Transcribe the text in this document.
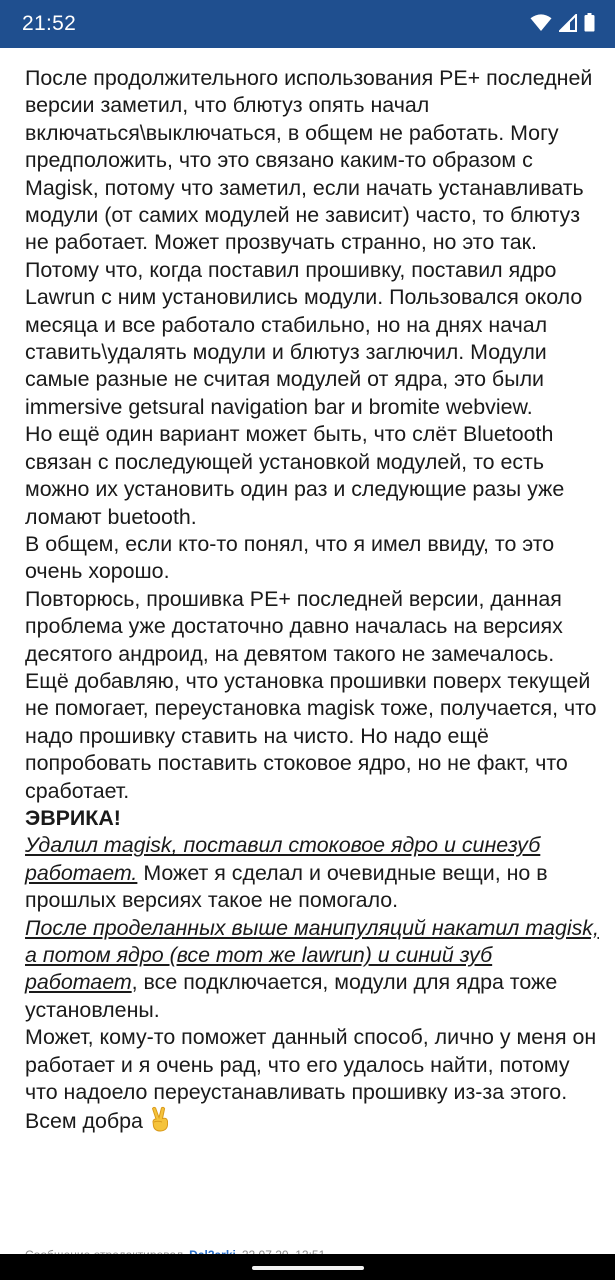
21:52

После продолжительного использования PE+ последней версии заметил, что блютуз опять начал включаться\выключаться, в общем не работать. Могу предположить, что это связано каким-то образом с Magisk, потому что заметил, если начать устанавливать модули (от самих модулей не зависит) часто, то блютуз не работает. Может прозвучать странно, но это так. Потому что, когда поставил прошивку, поставил ядро Lawrun с ним установились модули. Пользовался около месяца и все работало стабильно, но на днях начал ставить\удалять модули и блютуз заглючил. Модули самые разные не считая модулей от ядра, это были immersive getsural navigation bar и bromite webview.

Но ещё один вариант может быть, что слёт Bluetooth связан с последующей установкой модулей, то есть можно их установить один раз и следующие разы уже ломают buetooth.

В общем, если кто-то понял, что я имел ввиду, то это очень хорошо.

Повторюсь, прошивка PE+ последней версии, данная проблема уже достаточно давно началась на версиях десятого андроид, на девятом такого не замечалось.

Ещё добавляю, что установка прошивки поверх текущей не помогает, переустановка magisk тоже, получается, что надо прошивку ставить на чисто. Но надо ещё попробовать поставить стоковое ядро, но не факт, что сработает.

ЭВРИКА!

Удалил magisk, поставил стоковое ядро и синезуб работает. Может я сделал и очевидные вещи, но в прошлых версиях такое не помогало.

После проделанных выше манипуляций накатил magisk, а потом ядро (все тот же lawrun) и синий зуб работает, все подключается, модули для ядра тоже установлены.

Может, кому-то поможет данный способ, лично у меня он работает и я очень рад, что его удалось найти, потому что надоело переустанавливать прошивку из-за этого. Всем добра
